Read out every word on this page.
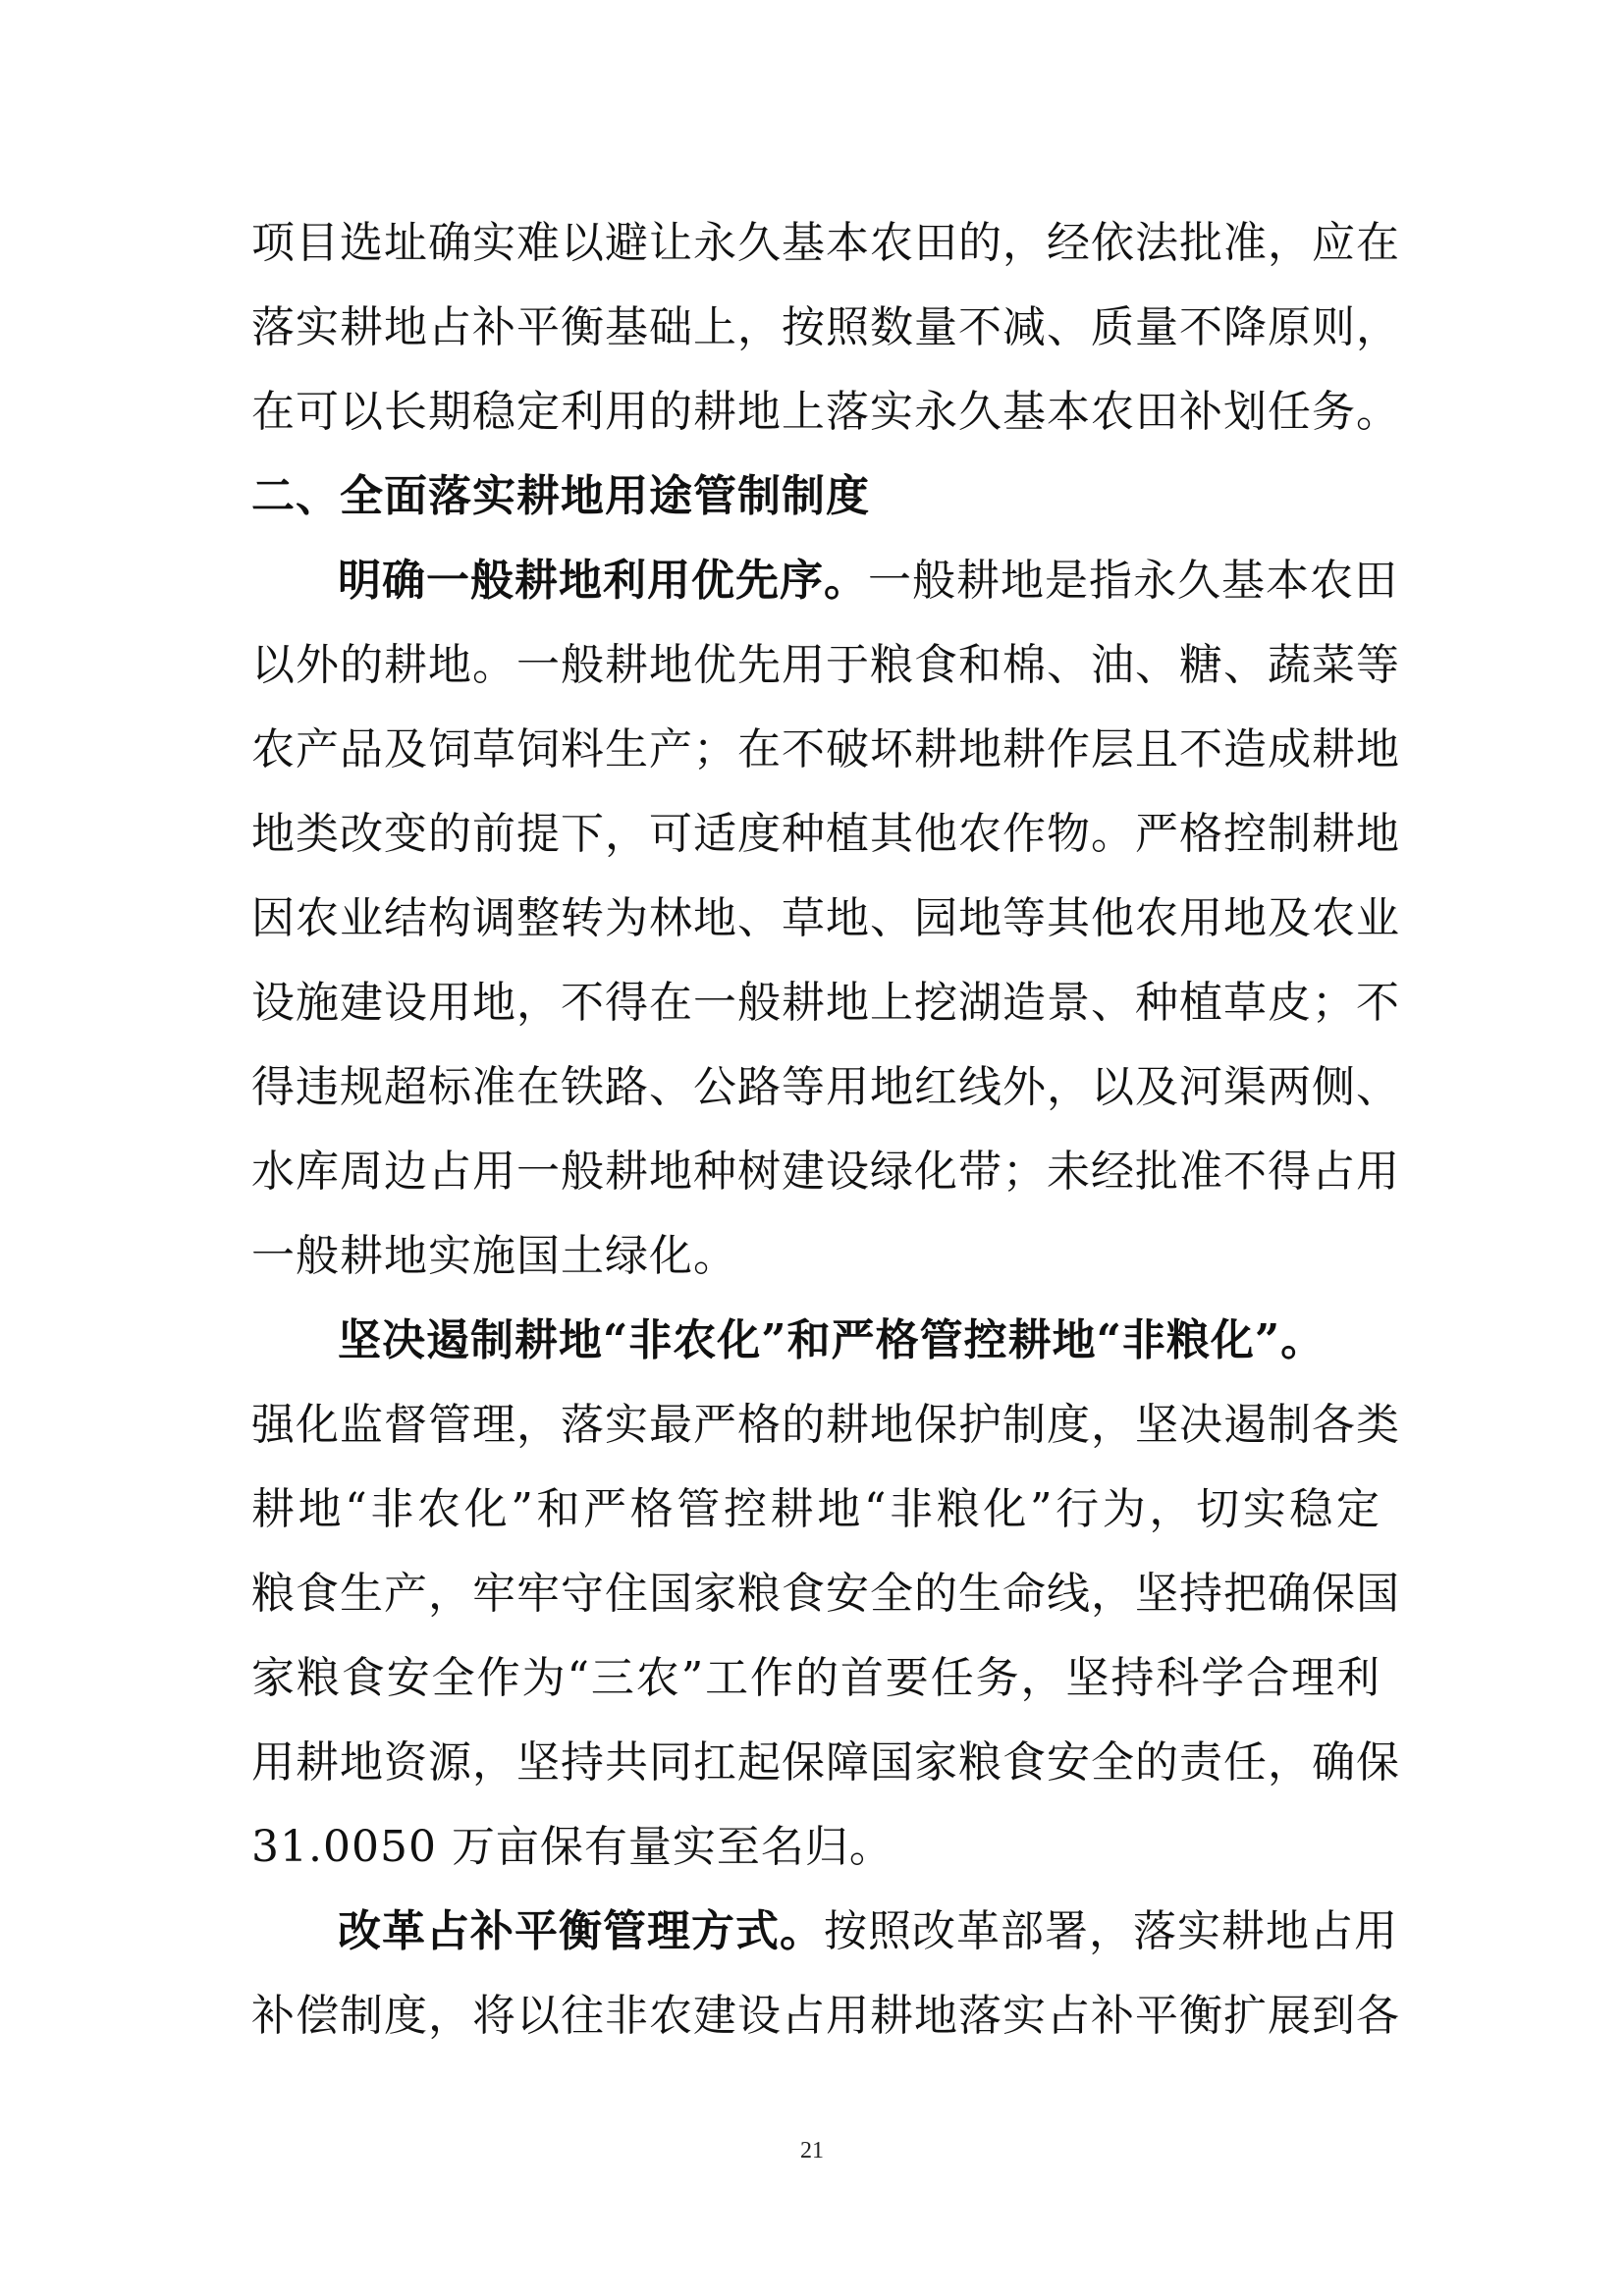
项目选址确实难以避让永久基本农田的，经依法批准，应在
落实耕地占补平衡基础上，按照数量不减、质量不降原则，
在可以长期稳定利用的耕地上落实永久基本农田补划任务。
二、全面落实耕地用途管制制度
明确一般耕地利用优先序。一般耕地是指永久基本农田
以外的耕地。一般耕地优先用于粮食和棉、油、糖、蔬菜等
农产品及饲草饲料生产；在不破坏耕地耕作层且不造成耕地
地类改变的前提下，可适度种植其他农作物。严格控制耕地
因农业结构调整转为林地、草地、园地等其他农用地及农业
设施建设用地，不得在一般耕地上挖湖造景、种植草皮；不
得违规超标准在铁路、公路等用地红线外，以及河渠两侧、
水库周边占用一般耕地种树建设绿化带；未经批准不得占用
一般耕地实施国土绿化。
坚决遏制耕地“非农化”和严格管控耕地“非粮化”。
强化监督管理，落实最严格的耕地保护制度，坚决遏制各类
耕地“非农化”和严格管控耕地“非粮化”行为，切实稳定
粮食生产，牢牢守住国家粮食安全的生命线，坚持把确保国
家粮食安全作为“三农”工作的首要任务，坚持科学合理利
用耕地资源，坚持共同扛起保障国家粮食安全的责任，确保
31.0050 万亩保有量实至名归。
改革占补平衡管理方式。按照改革部署，落实耕地占用
补偿制度，将以往非农建设占用耕地落实占补平衡扩展到各
21
